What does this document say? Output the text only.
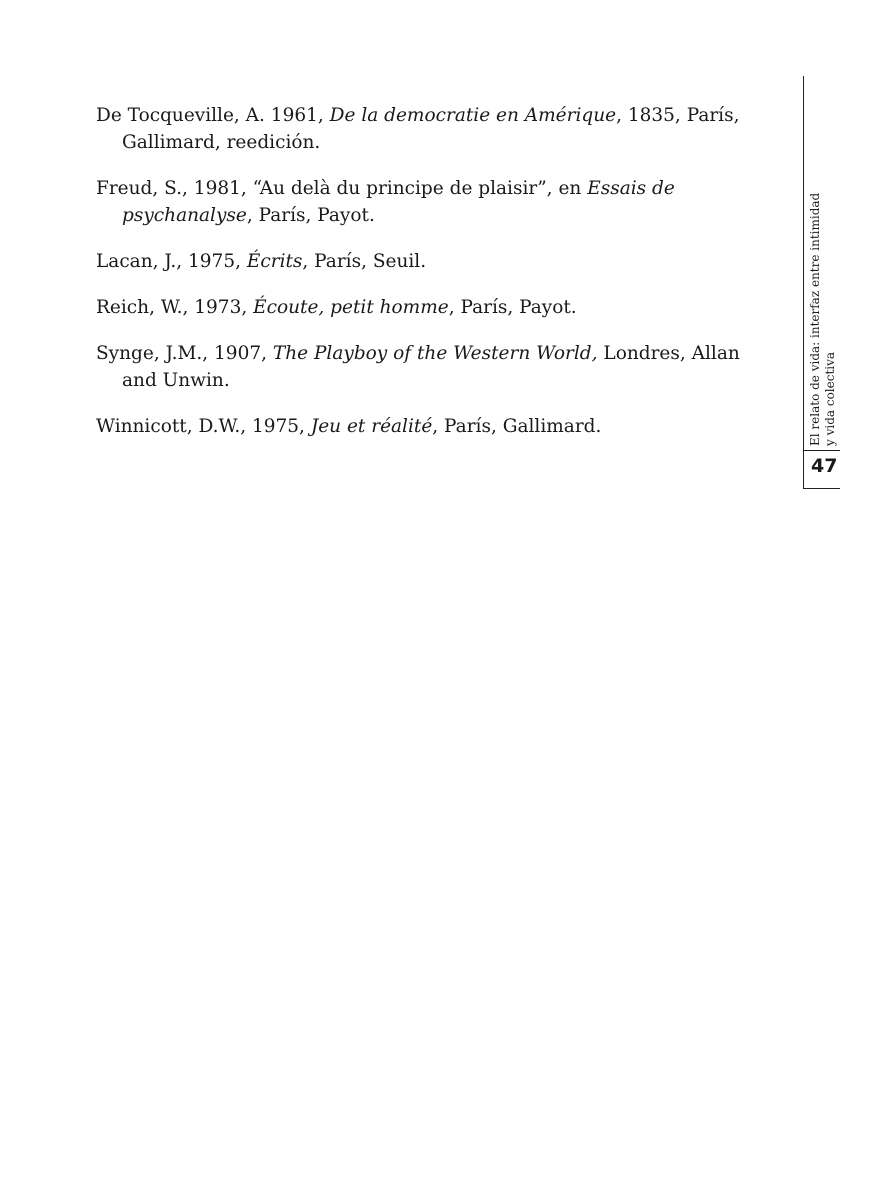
De Tocqueville, A. 1961, De la democratie en Amérique, 1835, París, Gallimard, reedición.

Freud, S., 1981, “Au delà du principe de plaisir”, en Essais de psychanalyse, París, Payot.

Lacan, J., 1975, Écrits, París, Seuil.

Reich, W., 1973, Écoute, petit homme, París, Payot.

Synge, J.M., 1907, The Playboy of the Western World, Londres, Allan and Unwin.

Winnicott, D.W., 1975, Jeu et réalité, París, Gallimard.	El relato de vida: interfaz entre intimidad y vida colectiva
47
